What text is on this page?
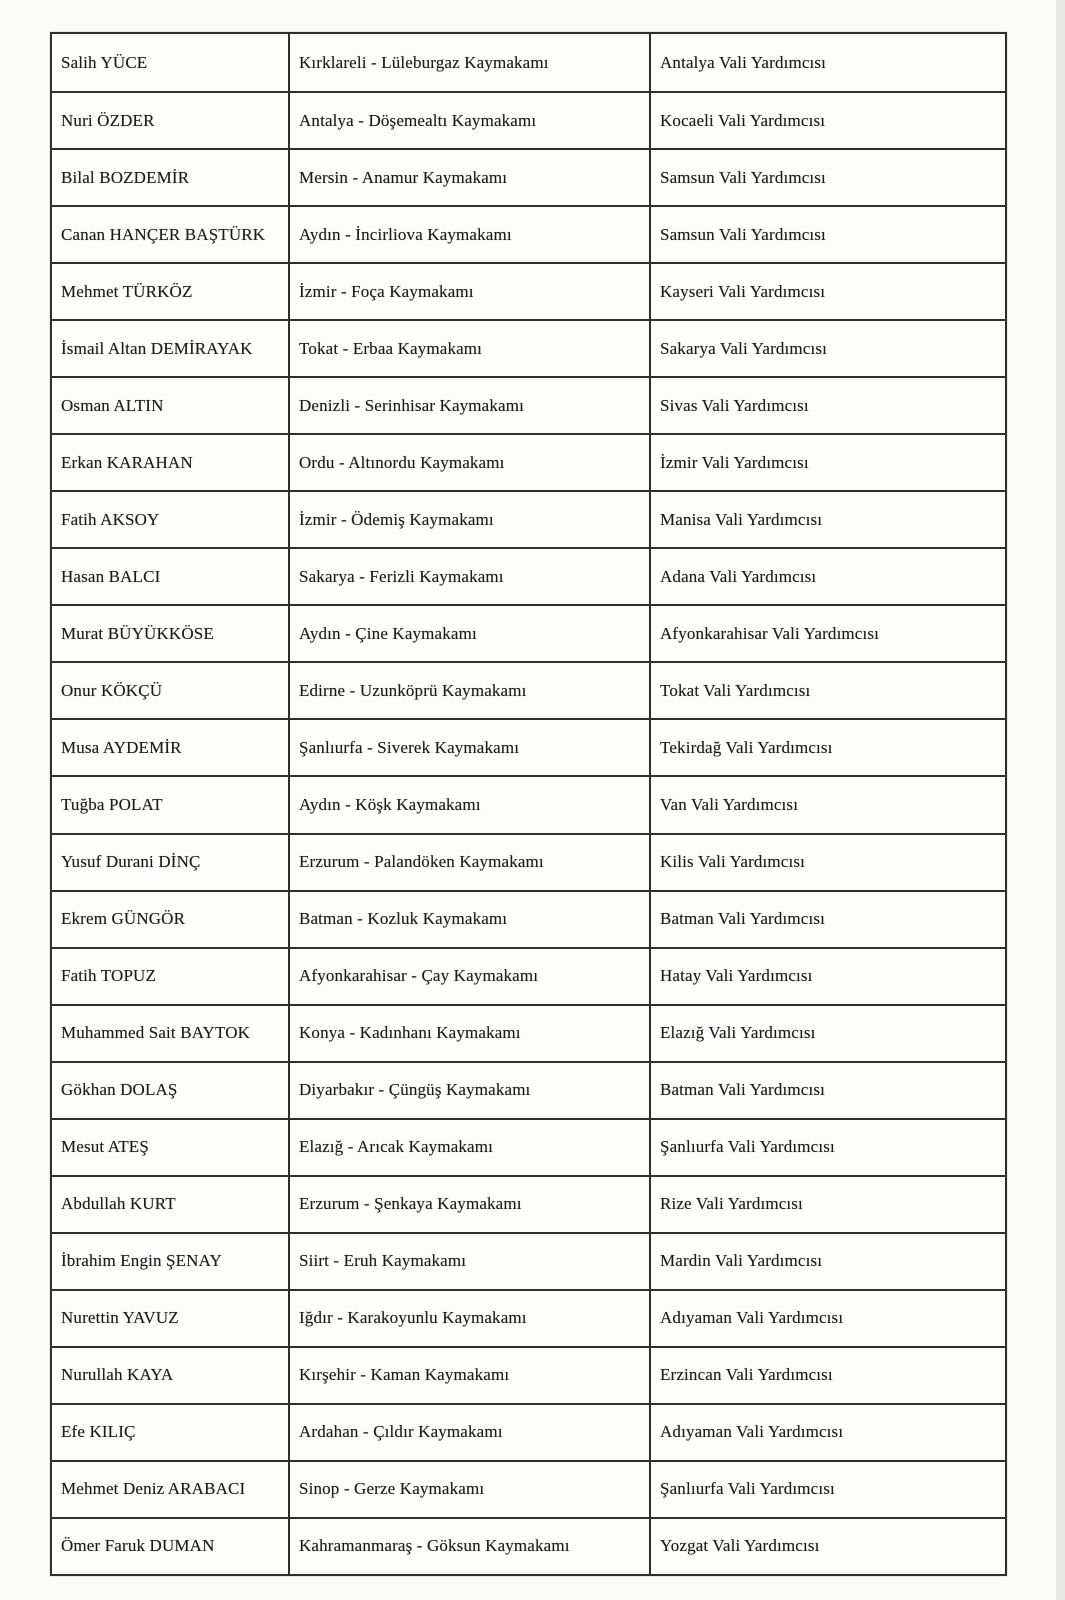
Salih YÜCE	Kırklareli - Lüleburgaz Kaymakamı	Antalya Vali Yardımcısı
Nuri ÖZDER	Antalya - Döşemealtı Kaymakamı	Kocaeli Vali Yardımcısı
Bilal BOZDEMİR	Mersin - Anamur Kaymakamı	Samsun Vali Yardımcısı
Canan HANÇER BAŞTÜRK	Aydın - İncirliova Kaymakamı	Samsun Vali Yardımcısı
Mehmet TÜRKÖZ	İzmir - Foça Kaymakamı	Kayseri Vali Yardımcısı
İsmail Altan DEMİRAYAK	Tokat - Erbaa Kaymakamı	Sakarya Vali Yardımcısı
Osman ALTIN	Denizli - Serinhisar Kaymakamı	Sivas Vali Yardımcısı
Erkan KARAHAN	Ordu - Altınordu Kaymakamı	İzmir Vali Yardımcısı
Fatih AKSOY	İzmir - Ödemiş Kaymakamı	Manisa Vali Yardımcısı
Hasan BALCI	Sakarya - Ferizli Kaymakamı	Adana Vali Yardımcısı
Murat BÜYÜKKÖSE	Aydın - Çine Kaymakamı	Afyonkarahisar Vali Yardımcısı
Onur KÖKÇÜ	Edirne - Uzunköprü Kaymakamı	Tokat Vali Yardımcısı
Musa AYDEMİR	Şanlıurfa - Siverek Kaymakamı	Tekirdağ Vali Yardımcısı
Tuğba POLAT	Aydın - Köşk Kaymakamı	Van Vali Yardımcısı
Yusuf Durani DİNÇ	Erzurum - Palandöken Kaymakamı	Kilis Vali Yardımcısı
Ekrem GÜNGÖR	Batman - Kozluk Kaymakamı	Batman Vali Yardımcısı
Fatih TOPUZ	Afyonkarahisar - Çay Kaymakamı	Hatay Vali Yardımcısı
Muhammed Sait BAYTOK	Konya - Kadınhanı Kaymakamı	Elazığ Vali Yardımcısı
Gökhan DOLAŞ	Diyarbakır - Çüngüş Kaymakamı	Batman Vali Yardımcısı
Mesut ATEŞ	Elazığ - Arıcak Kaymakamı	Şanlıurfa Vali Yardımcısı
Abdullah KURT	Erzurum - Şenkaya Kaymakamı	Rize Vali Yardımcısı
İbrahim Engin ŞENAY	Siirt - Eruh Kaymakamı	Mardin Vali Yardımcısı
Nurettin YAVUZ	Iğdır - Karakoyunlu Kaymakamı	Adıyaman Vali Yardımcısı
Nurullah KAYA	Kırşehir - Kaman Kaymakamı	Erzincan Vali Yardımcısı
Efe KILIÇ	Ardahan - Çıldır Kaymakamı	Adıyaman Vali Yardımcısı
Mehmet Deniz ARABACI	Sinop - Gerze Kaymakamı	Şanlıurfa Vali Yardımcısı
Ömer Faruk DUMAN	Kahramanmaraş - Göksun Kaymakamı	Yozgat Vali Yardımcısı
